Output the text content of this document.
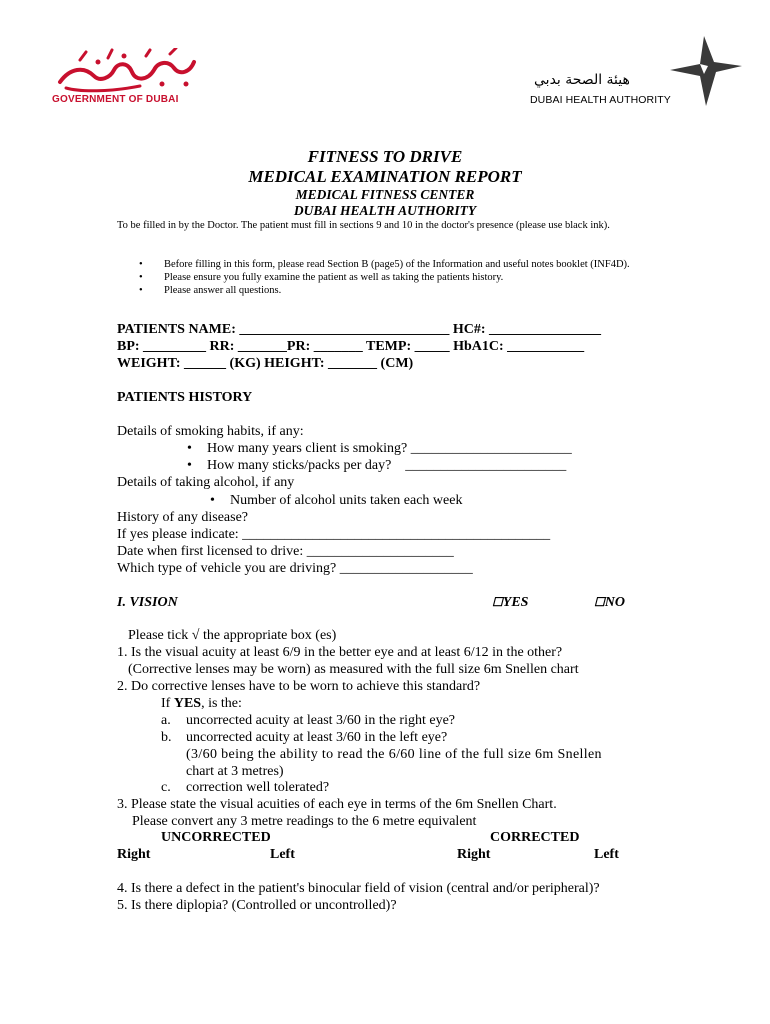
GOVERNMENT OF DUBAI
هيئة الصحة بدبي
DUBAI HEALTH AUTHORITY
FITNESS TO DRIVE
MEDICAL EXAMINATION REPORT
MEDICAL FITNESS CENTER
DUBAI HEALTH AUTHORITY
To be filled in by the Doctor. The patient must fill in sections 9 and 10 in the doctor's presence (please use black ink).
• Before filling in this form, please read Section B (page5) of the Information and useful notes booklet (INF4D).
• Please ensure you fully examine the patient as well as taking the patients history.
• Please answer all questions.
PATIENTS NAME: ______________________________ HC#: ________________
BP: _________ RR: _______PR: _______ TEMP: _____ HbA1C: ___________
WEIGHT: ______ (KG) HEIGHT: _______ (CM)
PATIENTS HISTORY
Details of smoking habits, if any:
• How many years client is smoking? _______________________
• How many sticks/packs per day?    _______________________
Details of taking alcohol, if any
• Number of alcohol units taken each week
History of any disease?
If yes please indicate: ____________________________________________
Date when first licensed to drive: _____________________
Which type of vehicle you are driving? ___________________
I. VISION	☐YES	☐NO
Please tick √ the appropriate box (es)
1. Is the visual acuity at least 6/9 in the better eye and at least 6/12 in the other?
(Corrective lenses may be worn) as measured with the full size 6m Snellen chart
2. Do corrective lenses have to be worn to achieve this standard?
If YES, is the:
a. uncorrected acuity at least 3/60 in the right eye?
b. uncorrected acuity at least 3/60 in the left eye?
(3/60 being the ability to read the 6/60 line of the full size 6m Snellen
chart at 3 metres)
c. correction well tolerated?
3. Please state the visual acuities of each eye in terms of the 6m Snellen Chart.
Please convert any 3 metre readings to the 6 metre equivalent
UNCORRECTED	CORRECTED
Right	Left	Right	Left
4. Is there a defect in the patient's binocular field of vision (central and/or peripheral)?
5. Is there diplopia? (Controlled or uncontrolled)?
